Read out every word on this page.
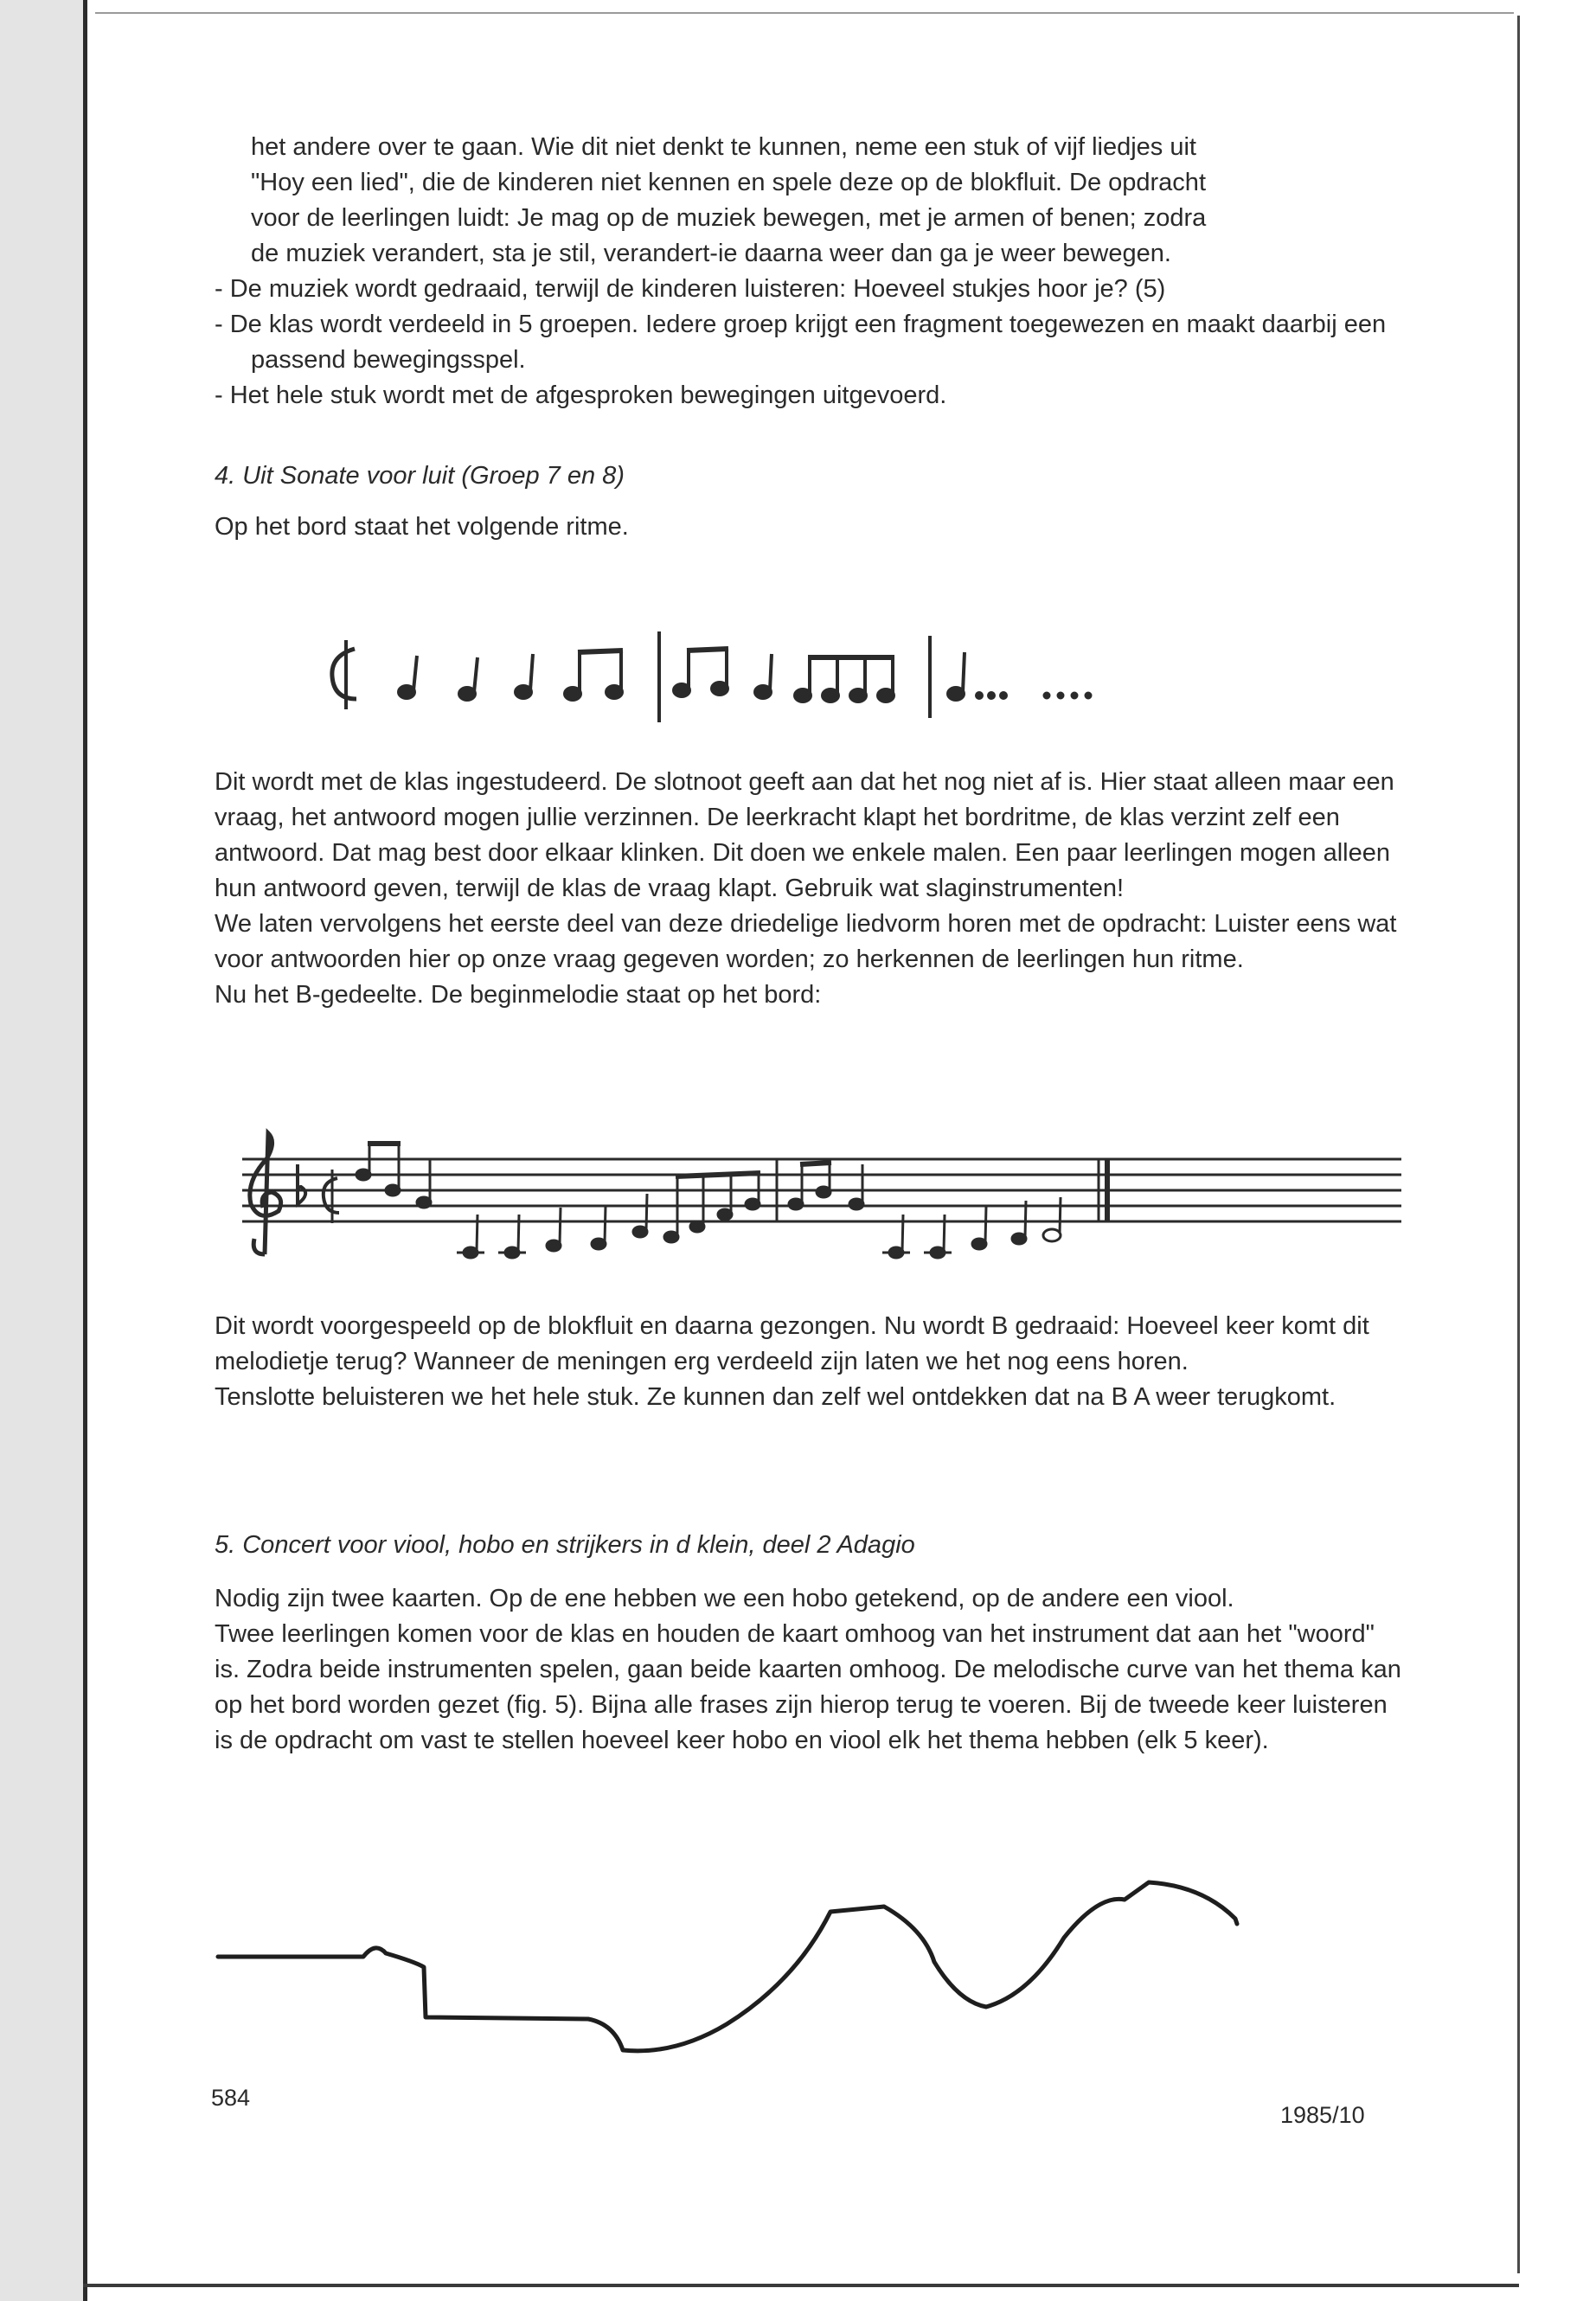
het andere over te gaan. Wie dit niet denkt te kunnen, neme een stuk of vijf liedjes uit
"Hoy een lied", die de kinderen niet kennen en spele deze op de blokfluit. De opdracht
voor de leerlingen luidt: Je mag op de muziek bewegen, met je armen of benen; zodra
de muziek verandert, sta je stil, verandert-ie daarna weer dan ga je weer bewegen.

- De muziek wordt gedraaid, terwijl de kinderen luisteren: Hoeveel stukjes hoor je? (5)
- De klas wordt verdeeld in 5 groepen. Iedere groep krijgt een fragment toegewezen en maakt daarbij een passend bewegingsspel.
- Het hele stuk wordt met de afgesproken bewegingen uitgevoerd.
4. Uit Sonate voor luit (Groep 7 en 8)
Op het bord staat het volgende ritme.

Dit wordt met de klas ingestudeerd. De slotnoot geeft aan dat het nog niet af is. Hier staat alleen maar een vraag, het antwoord mogen jullie verzinnen. De leerkracht klapt het bordritme, de klas verzint zelf een antwoord. Dat mag best door elkaar klinken. Dit doen we enkele malen. Een paar leerlingen mogen alleen hun antwoord geven, terwijl de klas de vraag klapt. Gebruik wat slaginstrumenten!

We laten vervolgens het eerste deel van deze driedelige liedvorm horen met de opdracht: Luister eens wat voor antwoorden hier op onze vraag gegeven worden; zo herkennen de leerlingen hun ritme.

Nu het B-gedeelte. De beginmelodie staat op het bord:

Dit wordt voorgespeeld op de blokfluit en daarna gezongen. Nu wordt B gedraaid: Hoeveel keer komt dit melodietje terug? Wanneer de meningen erg verdeeld zijn laten we het nog eens horen.

Tenslotte beluisteren we het hele stuk. Ze kunnen dan zelf wel ontdekken dat na B A weer terugkomt.

5. Concert voor viool, hobo en strijkers in d klein, deel 2 Adagio

Nodig zijn twee kaarten. Op de ene hebben we een hobo getekend, op de andere een viool.

Twee leerlingen komen voor de klas en houden de kaart omhoog van het instrument dat aan het "woord" is. Zodra beide instrumenten spelen, gaan beide kaarten omhoog. De melodische curve van het thema kan op het bord worden gezet (fig. 5). Bijna alle frases zijn hierop terug te voeren. Bij de tweede keer luisteren is de opdracht om vast te stellen hoeveel keer hobo en viool elk het thema hebben (elk 5 keer).

584
1985/10
